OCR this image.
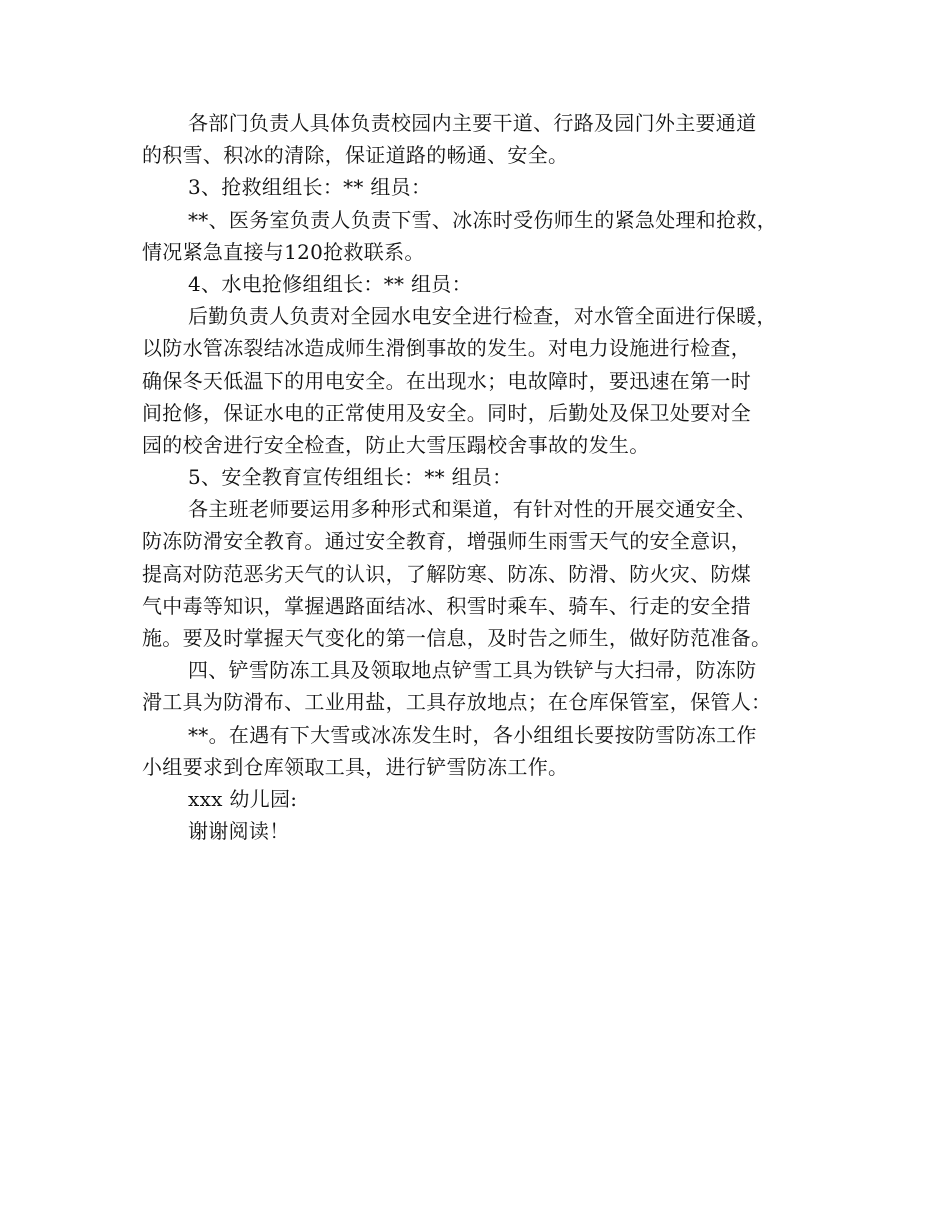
各部门负责人具体负责校园内主要干道、行路及园门外主要通道
的积雪、积冰的清除，保证道路的畅通、安全。
3、抢救组组长：** 组员：
**、医务室负责人负责下雪、冰冻时受伤师生的紧急处理和抢救，
情况紧急直接与120抢救联系。
4、水电抢修组组长：** 组员：
后勤负责人负责对全园水电安全进行检查，对水管全面进行保暖，
以防水管冻裂结冰造成师生滑倒事故的发生。对电力设施进行检查，
确保冬天低温下的用电安全。在出现水；电故障时，要迅速在第一时
间抢修，保证水电的正常使用及安全。同时，后勤处及保卫处要对全
园的校舍进行安全检查，防止大雪压蹋校舍事故的发生。
5、安全教育宣传组组长：** 组员：
各主班老师要运用多种形式和渠道，有针对性的开展交通安全、
防冻防滑安全教育。通过安全教育，增强师生雨雪天气的安全意识，
提高对防范恶劣天气的认识，了解防寒、防冻、防滑、防火灾、防煤
气中毒等知识，掌握遇路面结冰、积雪时乘车、骑车、行走的安全措
施。要及时掌握天气变化的第一信息，及时告之师生，做好防范准备。
四、铲雪防冻工具及领取地点铲雪工具为铁铲与大扫帚，防冻防
滑工具为防滑布、工业用盐，工具存放地点；在仓库保管室，保管人：
**。在遇有下大雪或冰冻发生时，各小组组长要按防雪防冻工作
小组要求到仓库领取工具，进行铲雪防冻工作。
xxx 幼儿园:
谢谢阅读！
